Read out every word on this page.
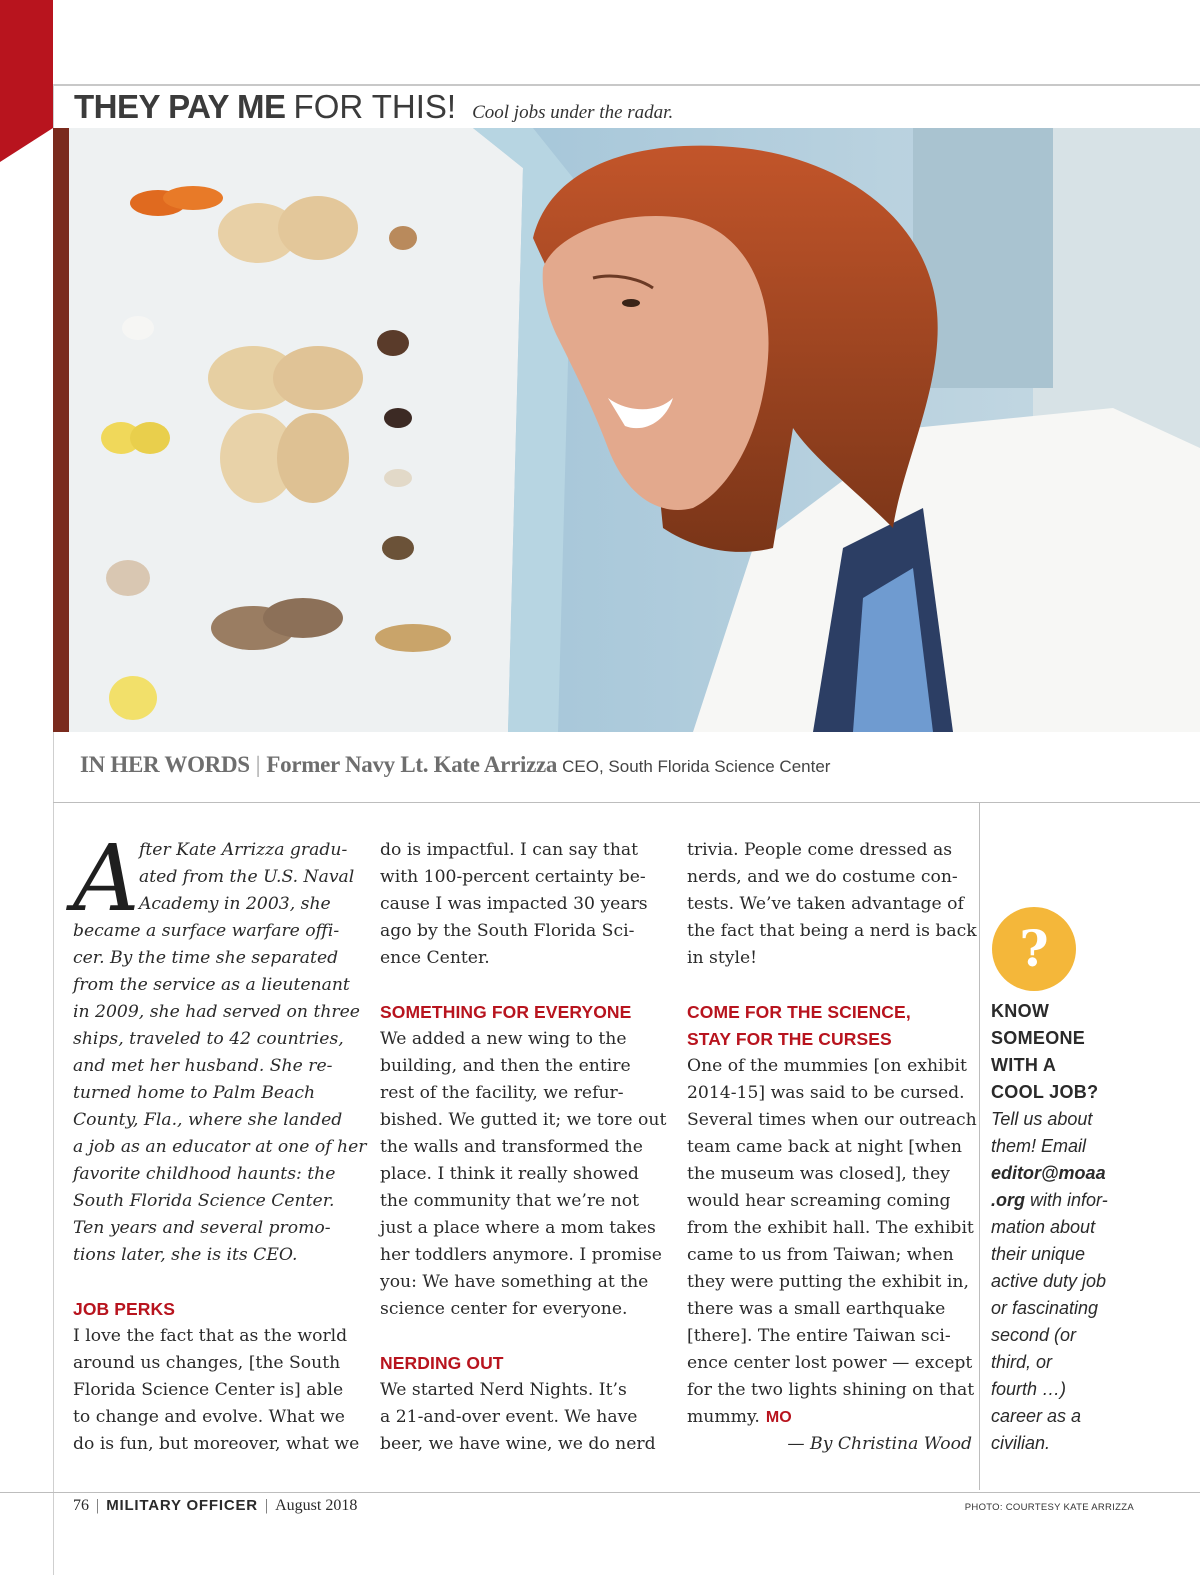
THEY PAY ME FOR THIS! Cool jobs under the radar.
IN HER WORDS | Former Navy Lt. Kate Arrizza CEO, South Florida Science Center
A fter Kate Arrizza gradu-
ated from the U.S. Naval
Academy in 2003, she
became a surface warfare offi-
cer. By the time she separated
from the service as a lieutenant
in 2009, she had served on three
ships, traveled to 42 countries,
and met her husband. She re-
turned home to Palm Beach
County, Fla., where she landed
a job as an educator at one of her
favorite childhood haunts: the
South Florida Science Center.
Ten years and several promo-
tions later, she is its CEO.
JOB PERKS
I love the fact that as the world
around us changes, [the South
Florida Science Center is] able
to change and evolve. What we
do is fun, but moreover, what we
do is impactful. I can say that
with 100-percent certainty be-
cause I was impacted 30 years
ago by the South Florida Sci-
ence Center.
SOMETHING FOR EVERYONE
We added a new wing to the
building, and then the entire
rest of the facility, we refur-
bished. We gutted it; we tore out
the walls and transformed the
place. I think it really showed
the community that we’re not
just a place where a mom takes
her toddlers anymore. I promise
you: We have something at the
science center for everyone.
NERDING OUT
We started Nerd Nights. It’s
a 21-and-over event. We have
beer, we have wine, we do nerd
trivia. People come dressed as
nerds, and we do costume con-
tests. We’ve taken advantage of
the fact that being a nerd is back
in style!
COME FOR THE SCIENCE,
STAY FOR THE CURSES
One of the mummies [on exhibit
2014-15] was said to be cursed.
Several times when our outreach
team came back at night [when
the museum was closed], they
would hear screaming coming
from the exhibit hall. The exhibit
came to us from Taiwan; when
they were putting the exhibit in,
there was a small earthquake
[there]. The entire Taiwan sci-
ence center lost power — except
for the two lights shining on that
mummy. MO
— By Christina Wood
?
KNOW
SOMEONE
WITH A
COOL JOB?
Tell us about
them! Email
editor@moaa
.org with infor-
mation about
their unique
active duty job
or fascinating
second (or
third, or
fourth …)
career as a
civilian.
76 | MILITARY OFFICER | August 2018	PHOTO: COURTESY KATE ARRIZZA
